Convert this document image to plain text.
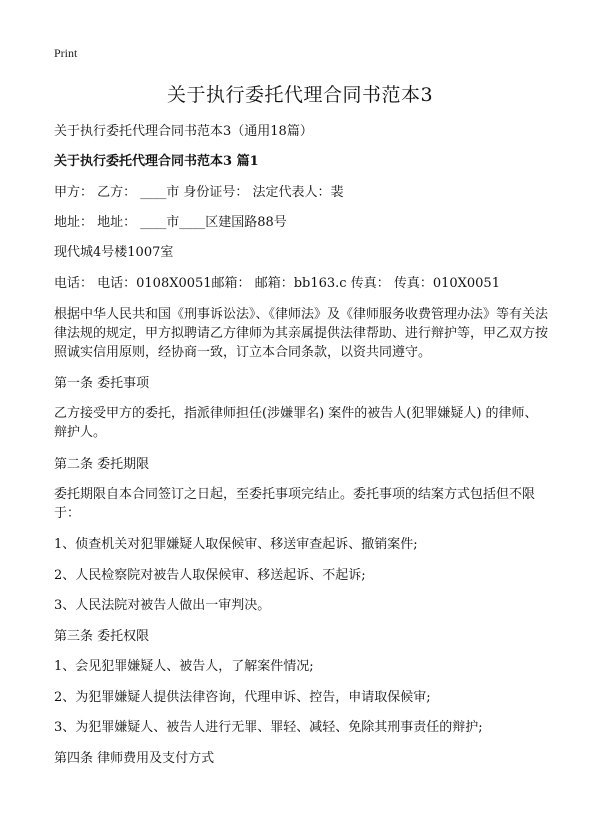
Print
关于执行委托代理合同书范本3
关于执行委托代理合同书范本3（通用18篇）
关于执行委托代理合同书范本3 篇1
甲方： 乙方： ____市 身份证号： 法定代表人：裴
地址： 地址： ____市____区建国路88号
现代城4号楼1007室
电话： 电话：0108X0051邮箱： 邮箱：bb163.c 传真： 传真：010X0051
根据中华人民共和国《刑事诉讼法》、《律师法》及《律师服务收费管理办法》等有关法律法规的规定，甲方拟聘请乙方律师为其亲属提供法律帮助、进行辩护等，甲乙双方按照诚实信用原则，经协商一致，订立本合同条款，以资共同遵守。
第一条 委托事项
乙方接受甲方的委托，指派律师担任(涉嫌罪名) 案件的被告人(犯罪嫌疑人) 的律师、辩护人。
第二条 委托期限
委托期限自本合同签订之日起，至委托事项完结止。委托事项的结案方式包括但不限于：
1、侦查机关对犯罪嫌疑人取保候审、移送审查起诉、撤销案件;
2、人民检察院对被告人取保候审、移送起诉、不起诉;
3、人民法院对被告人做出一审判决。
第三条 委托权限
1、会见犯罪嫌疑人、被告人，了解案件情况;
2、为犯罪嫌疑人提供法律咨询，代理申诉、控告，申请取保候审;
3、为犯罪嫌疑人、被告人进行无罪、罪轻、减轻、免除其刑事责任的辩护;
第四条 律师费用及支付方式
